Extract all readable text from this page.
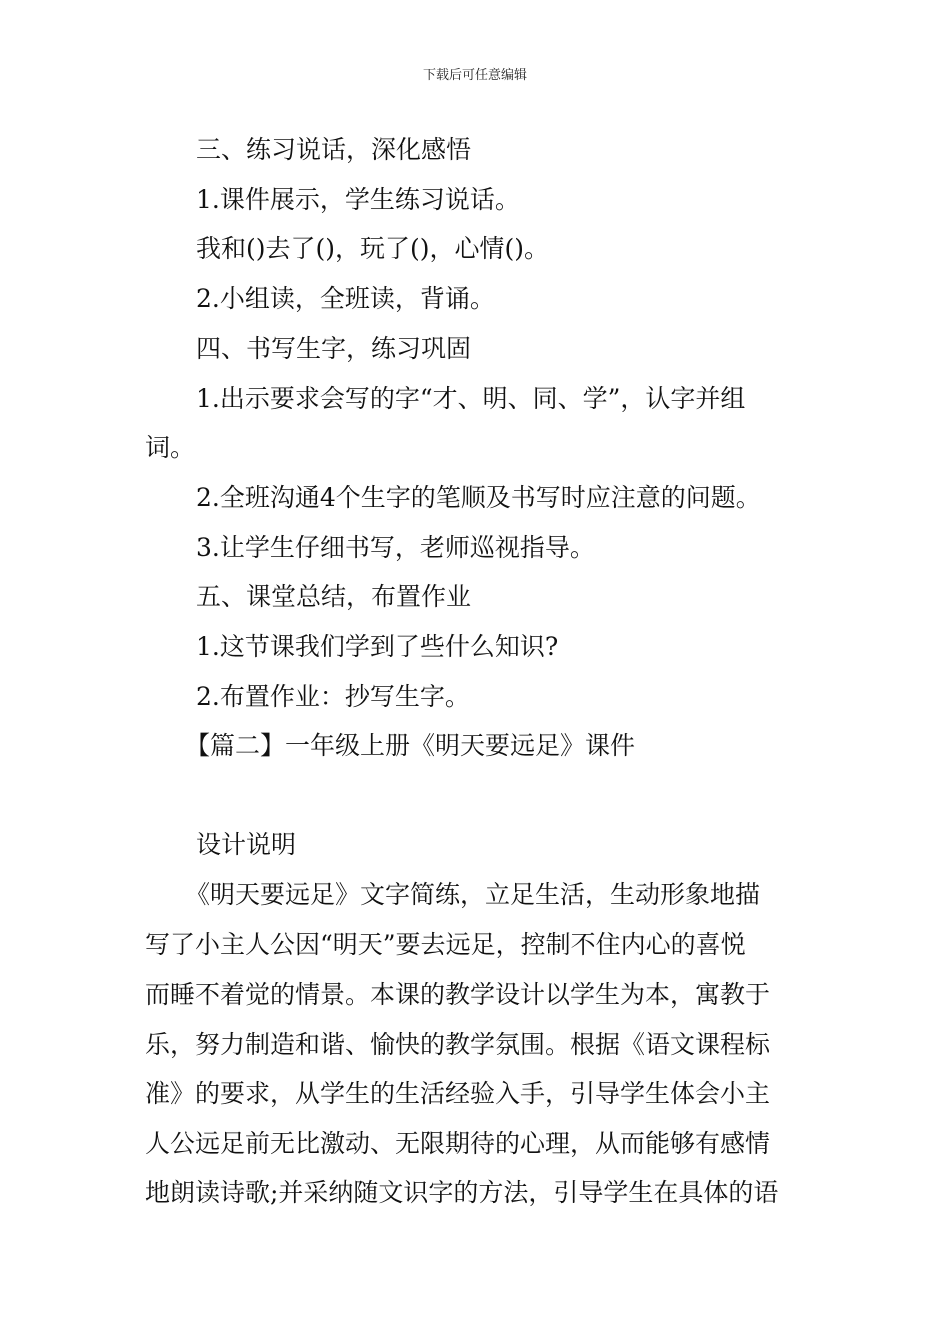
下载后可任意编辑
三、练习说话，深化感悟
1.课件展示，学生练习说话。
我和()去了()，玩了()，心情()。
2.小组读，全班读，背诵。
四、书写生字，练习巩固
1.出示要求会写的字“才、明、同、学”，认字并组
词。
2.全班沟通4个生字的笔顺及书写时应注意的问题。
3.让学生仔细书写，老师巡视指导。
五、课堂总结，布置作业
1.这节课我们学到了些什么知识?
2.布置作业：抄写生字。
【篇二】一年级上册《明天要远足》课件
设计说明
《明天要远足》文字简练，立足生活，生动形象地描
写了小主人公因“明天”要去远足，控制不住内心的喜悦
而睡不着觉的情景。本课的教学设计以学生为本，寓教于
乐，努力制造和谐、愉快的教学氛围。根据《语文课程标
准》的要求，从学生的生活经验入手，引导学生体会小主
人公远足前无比激动、无限期待的心理，从而能够有感情
地朗读诗歌;并采纳随文识字的方法，引导学生在具体的语
